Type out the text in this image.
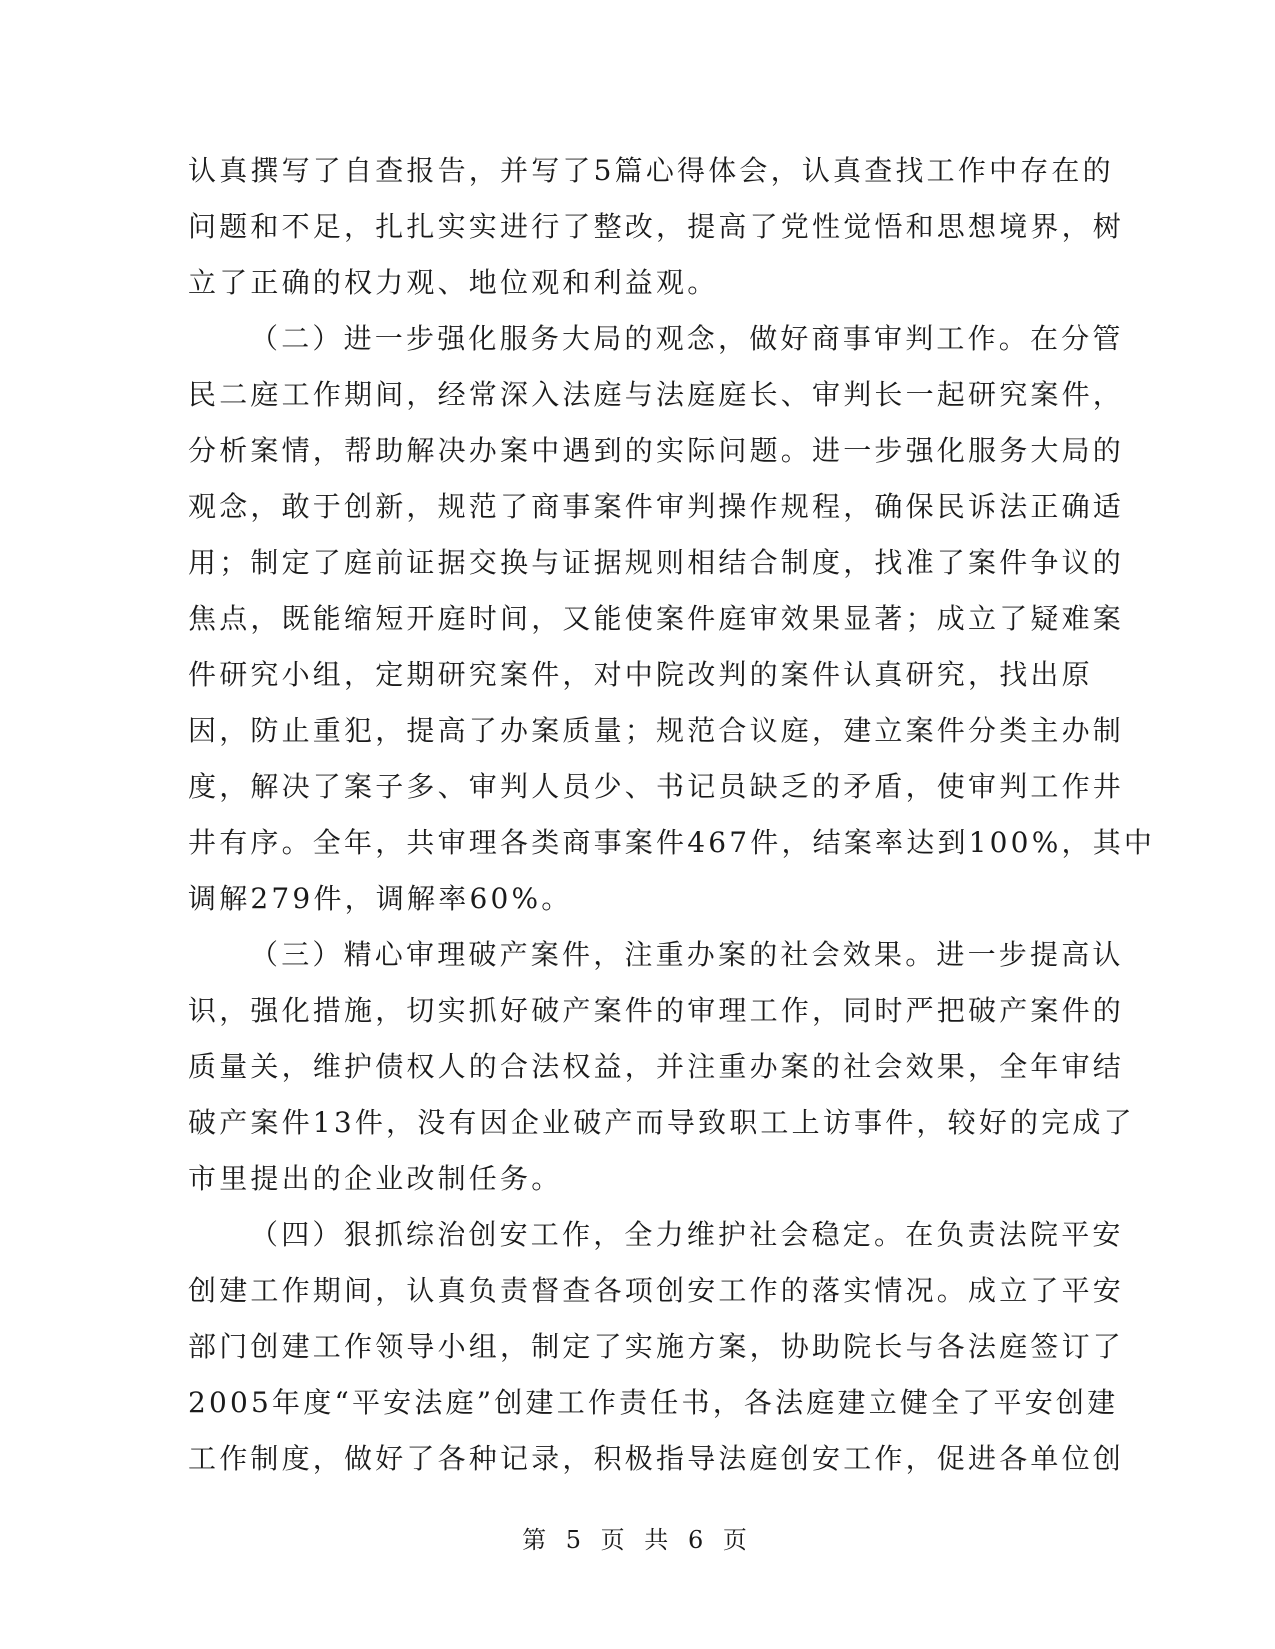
认真撰写了自查报告，并写了5篇心得体会，认真查找工作中存在的
问题和不足，扎扎实实进行了整改，提高了党性觉悟和思想境界，树
立了正确的权力观、地位观和利益观。
（二）进一步强化服务大局的观念，做好商事审判工作。在分管
民二庭工作期间，经常深入法庭与法庭庭长、审判长一起研究案件，
分析案情，帮助解决办案中遇到的实际问题。进一步强化服务大局的
观念，敢于创新，规范了商事案件审判操作规程，确保民诉法正确适
用；制定了庭前证据交换与证据规则相结合制度，找准了案件争议的
焦点，既能缩短开庭时间，又能使案件庭审效果显著；成立了疑难案
件研究小组，定期研究案件，对中院改判的案件认真研究，找出原
因，防止重犯，提高了办案质量；规范合议庭，建立案件分类主办制
度，解决了案子多、审判人员少、书记员缺乏的矛盾，使审判工作井
井有序。全年，共审理各类商事案件467件，结案率达到100%，其中
调解279件，调解率60%。
（三）精心审理破产案件，注重办案的社会效果。进一步提高认
识，强化措施，切实抓好破产案件的审理工作，同时严把破产案件的
质量关，维护债权人的合法权益，并注重办案的社会效果，全年审结
破产案件13件，没有因企业破产而导致职工上访事件，较好的完成了
市里提出的企业改制任务。
（四）狠抓综治创安工作，全力维护社会稳定。在负责法院平安
创建工作期间，认真负责督查各项创安工作的落实情况。成立了平安
部门创建工作领导小组，制定了实施方案，协助院长与各法庭签订了
2005年度“平安法庭”创建工作责任书，各法庭建立健全了平安创建
工作制度，做好了各种记录，积极指导法庭创安工作，促进各单位创
第 5 页 共 6 页
